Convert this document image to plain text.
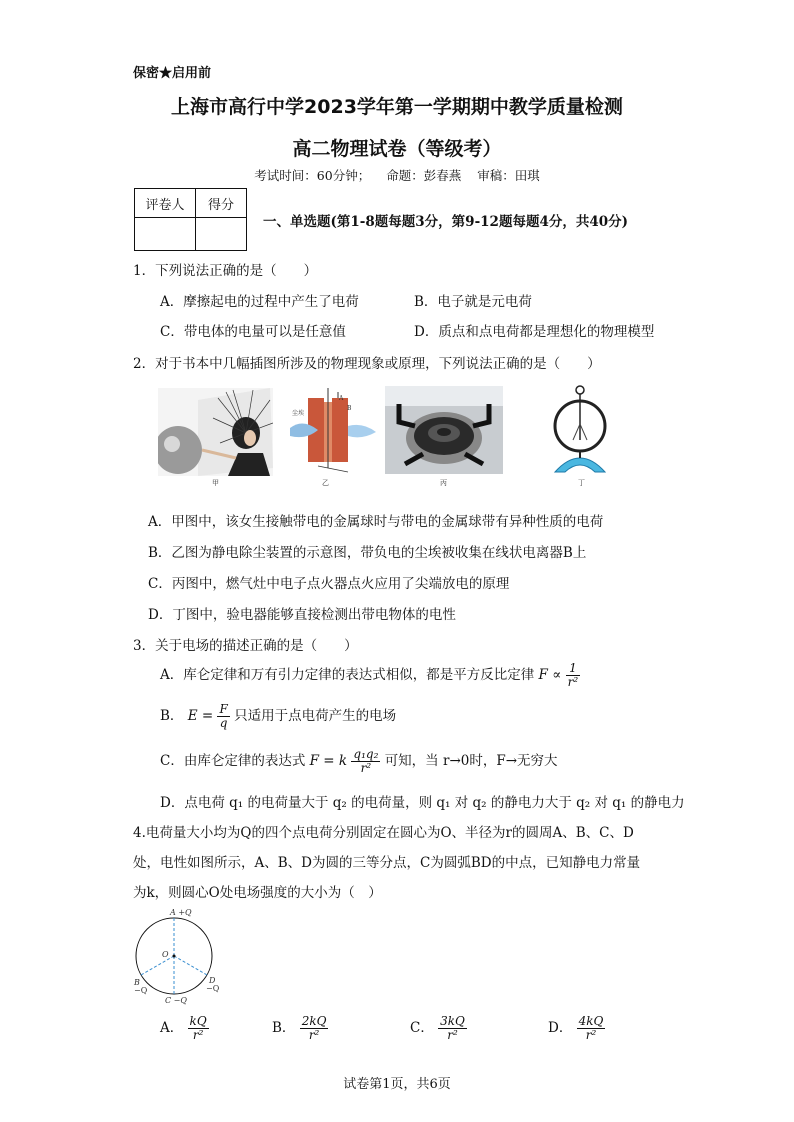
保密★启用前
上海市高行中学2023学年第一学期期中教学质量检测
高二物理试卷（等级考）
考试时间：60分钟； 命题：彭春燕 审稿：田琪
评卷人	得分

一、单选题(第1-8题每题3分，第9-12题每题4分，共40分)
1．下列说法正确的是（　　）
A．摩擦起电的过程中产生了电荷	B．电子就是元电荷
C．带电体的电量可以是任意值	D．质点和点电荷都是理想化的物理模型
2．对于书本中几幅插图所涉及的物理现象或原理，下列说法正确的是（　　）
甲
尘埃
A
B
乙	丙	丁
A．甲图中，该女生接触带电的金属球时与带电的金属球带有异种性质的电荷
B．乙图为静电除尘装置的示意图，带负电的尘埃被收集在线状电离器B上
C．丙图中，燃气灶中电子点火器点火应用了尖端放电的原理
D．丁图中，验电器能够直接检测出带电物体的电性
3．关于电场的描述正确的是（　　）
A．库仑定律和万有引力定律的表达式相似，都是平方反比定律 $F \propto \frac{1}{\text{r²}}$
B． $E = \frac{F}{q}$ 只适用于点电荷产生的电场
C．由库仑定律的表达式 F = k $\frac{\text{q₁q₂}}{\text{r²}}$ 可知，当 r→0时，F→无穷大
D．点电荷 q₁ 的电荷量大于 q₂ 的电荷量，则 q₁ 对 q₂ 的静电力大于 q₂ 对 q₁ 的静电力
4.电荷量大小均为Q的四个点电荷分别固定在圆心为O、半径为r的圆周A、B、C、D
处，电性如图所示，A、B、D为圆的三等分点，C为圆弧BD的中点，已知静电力常量
为k，则圆心O处电场强度的大小为（　）
A +Q
O
B
−Q
D
−Q
C −Q
A． $\frac{kQ}{\text{r²}}$	B． $\frac{2kQ}{\text{r²}}$	C． $\frac{3kQ}{\text{r²}}$	D． $\frac{4kQ}{\text{r²}}$
试卷第1页，共6页
